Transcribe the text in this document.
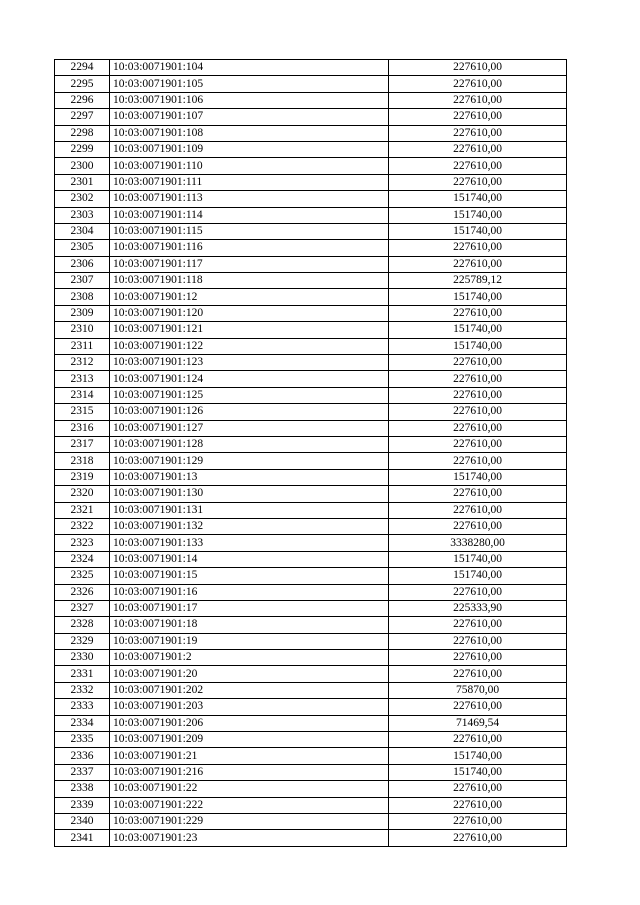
2294	10:03:0071901:104	227610,00
2295	10:03:0071901:105	227610,00
2296	10:03:0071901:106	227610,00
2297	10:03:0071901:107	227610,00
2298	10:03:0071901:108	227610,00
2299	10:03:0071901:109	227610,00
2300	10:03:0071901:110	227610,00
2301	10:03:0071901:111	227610,00
2302	10:03:0071901:113	151740,00
2303	10:03:0071901:114	151740,00
2304	10:03:0071901:115	151740,00
2305	10:03:0071901:116	227610,00
2306	10:03:0071901:117	227610,00
2307	10:03:0071901:118	225789,12
2308	10:03:0071901:12	151740,00
2309	10:03:0071901:120	227610,00
2310	10:03:0071901:121	151740,00
2311	10:03:0071901:122	151740,00
2312	10:03:0071901:123	227610,00
2313	10:03:0071901:124	227610,00
2314	10:03:0071901:125	227610,00
2315	10:03:0071901:126	227610,00
2316	10:03:0071901:127	227610,00
2317	10:03:0071901:128	227610,00
2318	10:03:0071901:129	227610,00
2319	10:03:0071901:13	151740,00
2320	10:03:0071901:130	227610,00
2321	10:03:0071901:131	227610,00
2322	10:03:0071901:132	227610,00
2323	10:03:0071901:133	3338280,00
2324	10:03:0071901:14	151740,00
2325	10:03:0071901:15	151740,00
2326	10:03:0071901:16	227610,00
2327	10:03:0071901:17	225333,90
2328	10:03:0071901:18	227610,00
2329	10:03:0071901:19	227610,00
2330	10:03:0071901:2	227610,00
2331	10:03:0071901:20	227610,00
2332	10:03:0071901:202	75870,00
2333	10:03:0071901:203	227610,00
2334	10:03:0071901:206	71469,54
2335	10:03:0071901:209	227610,00
2336	10:03:0071901:21	151740,00
2337	10:03:0071901:216	151740,00
2338	10:03:0071901:22	227610,00
2339	10:03:0071901:222	227610,00
2340	10:03:0071901:229	227610,00
2341	10:03:0071901:23	227610,00
